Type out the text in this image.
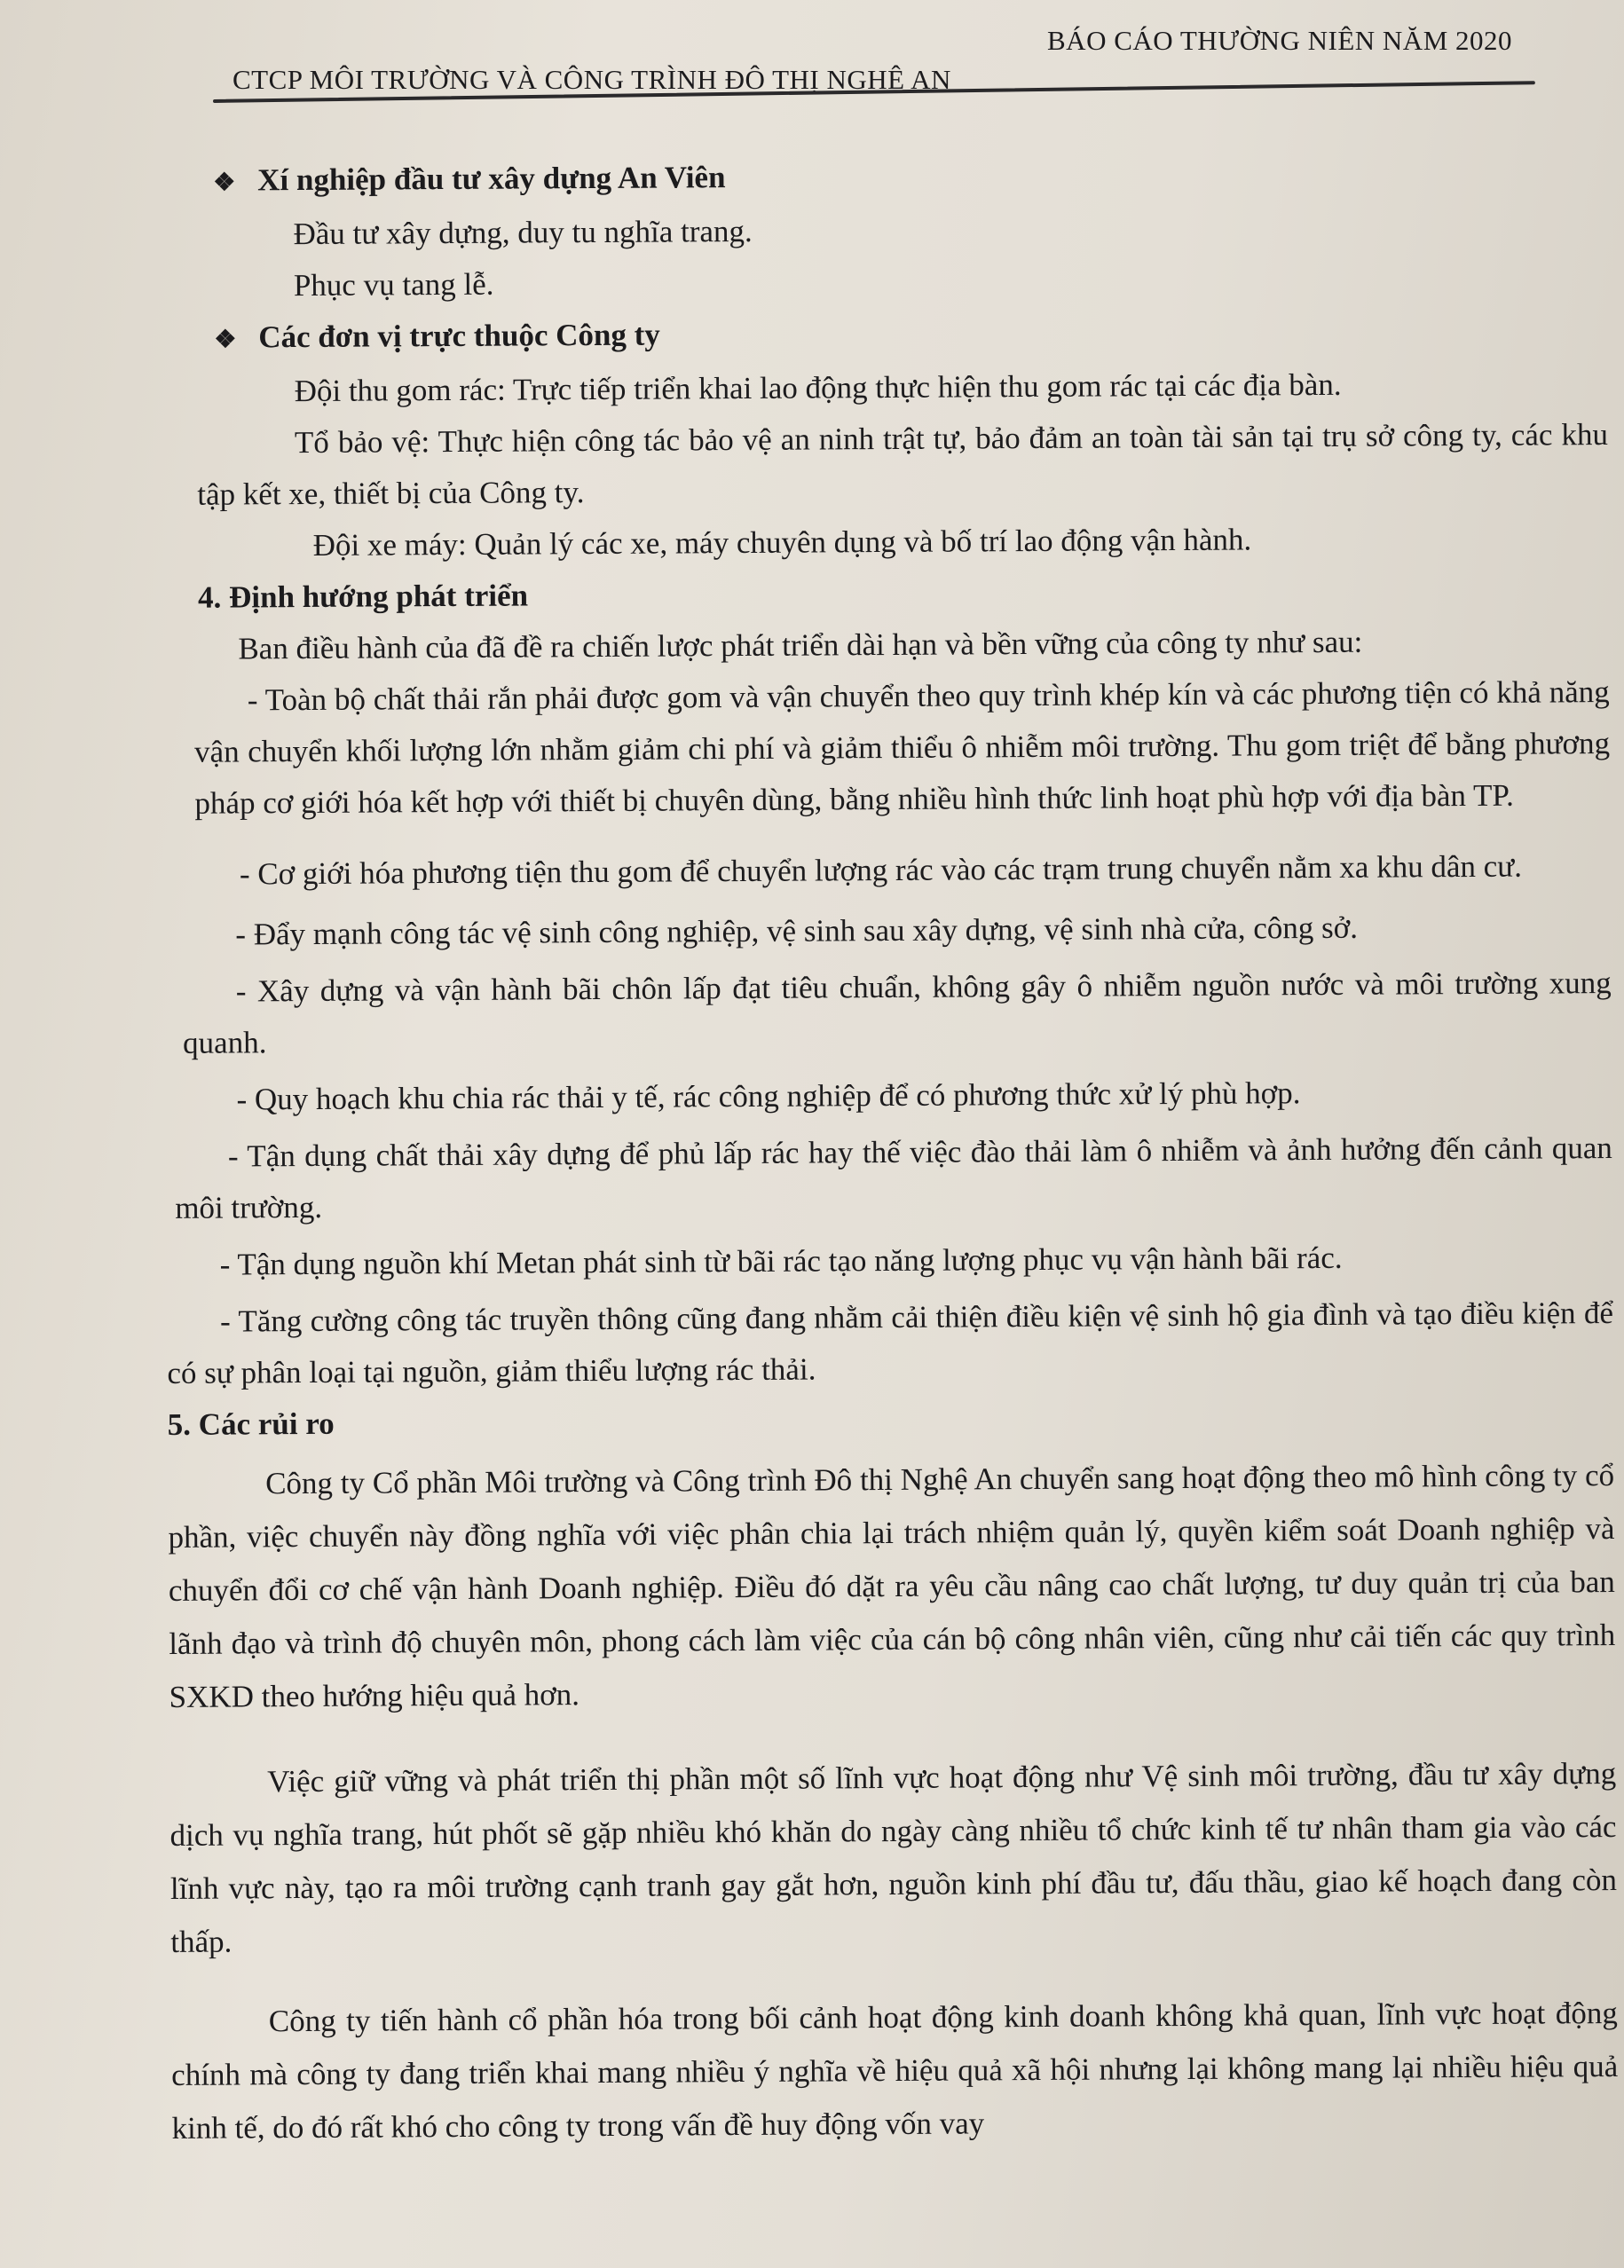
CTCP MÔI TRƯỜNG VÀ CÔNG TRÌNH ĐÔ THỊ NGHỆ AN
BÁO CÁO THƯỜNG NIÊN NĂM 2020
❖ Xí nghiệp đầu tư xây dựng An Viên
Đầu tư xây dựng, duy tu nghĩa trang.
Phục vụ tang lễ.
❖ Các đơn vị trực thuộc Công ty
Đội thu gom rác: Trực tiếp triển khai lao động thực hiện thu gom rác tại các địa bàn.
Tổ bảo vệ: Thực hiện công tác bảo vệ an ninh trật tự, bảo đảm an toàn tài sản tại trụ sở công ty, các khu tập kết xe, thiết bị của Công ty.
Đội xe máy: Quản lý các xe, máy chuyên dụng và bố trí lao động vận hành.
4. Định hướng phát triển
Ban điều hành của đã đề ra chiến lược phát triển dài hạn và bền vững của công ty như sau:
- Toàn bộ chất thải rắn phải được gom và vận chuyển theo quy trình khép kín và các phương tiện có khả năng vận chuyển khối lượng lớn nhằm giảm chi phí và giảm thiểu ô nhiễm môi trường. Thu gom triệt để bằng phương pháp cơ giới hóa kết hợp với thiết bị chuyên dùng, bằng nhiều hình thức linh hoạt phù hợp với địa bàn TP.
- Cơ giới hóa phương tiện thu gom để chuyển lượng rác vào các trạm trung chuyển nằm xa khu dân cư.
- Đẩy mạnh công tác vệ sinh công nghiệp, vệ sinh sau xây dựng, vệ sinh nhà cửa, công sở.
- Xây dựng và vận hành bãi chôn lấp đạt tiêu chuẩn, không gây ô nhiễm nguồn nước và môi trường xung quanh.
- Quy hoạch khu chia rác thải y tế, rác công nghiệp để có phương thức xử lý phù hợp.
- Tận dụng chất thải xây dựng để phủ lấp rác hay thế việc đào thải làm ô nhiễm và ảnh hưởng đến cảnh quan môi trường.
- Tận dụng nguồn khí Metan phát sinh từ bãi rác tạo năng lượng phục vụ vận hành bãi rác.
- Tăng cường công tác truyền thông cũng đang nhằm cải thiện điều kiện vệ sinh hộ gia đình và tạo điều kiện để có sự phân loại tại nguồn, giảm thiểu lượng rác thải.
5. Các rủi ro
Công ty Cổ phần Môi trường và Công trình Đô thị Nghệ An chuyển sang hoạt động theo mô hình công ty cổ phần, việc chuyển này đồng nghĩa với việc phân chia lại trách nhiệm quản lý, quyền kiểm soát Doanh nghiệp và chuyển đổi cơ chế vận hành Doanh nghiệp. Điều đó dặt ra yêu cầu nâng cao chất lượng, tư duy quản trị của ban lãnh đạo và trình độ chuyên môn, phong cách làm việc của cán bộ công nhân viên, cũng như cải tiến các quy trình SXKD theo hướng hiệu quả hơn.
Việc giữ vững và phát triển thị phần một số lĩnh vực hoạt động như Vệ sinh môi trường, đầu tư xây dựng dịch vụ nghĩa trang, hút phốt sẽ gặp nhiều khó khăn do ngày càng nhiều tổ chức kinh tế tư nhân tham gia vào các lĩnh vực này, tạo ra môi trường cạnh tranh gay gắt hơn, nguồn kinh phí đầu tư, đấu thầu, giao kế hoạch đang còn thấp.
Công ty tiến hành cổ phần hóa trong bối cảnh hoạt động kinh doanh không khả quan, lĩnh vực hoạt động chính mà công ty đang triển khai mang nhiều ý nghĩa về hiệu quả xã hội nhưng lại không mang lại nhiều hiệu quả kinh tế, do đó rất khó cho công ty trong vấn đề huy động vốn vay
